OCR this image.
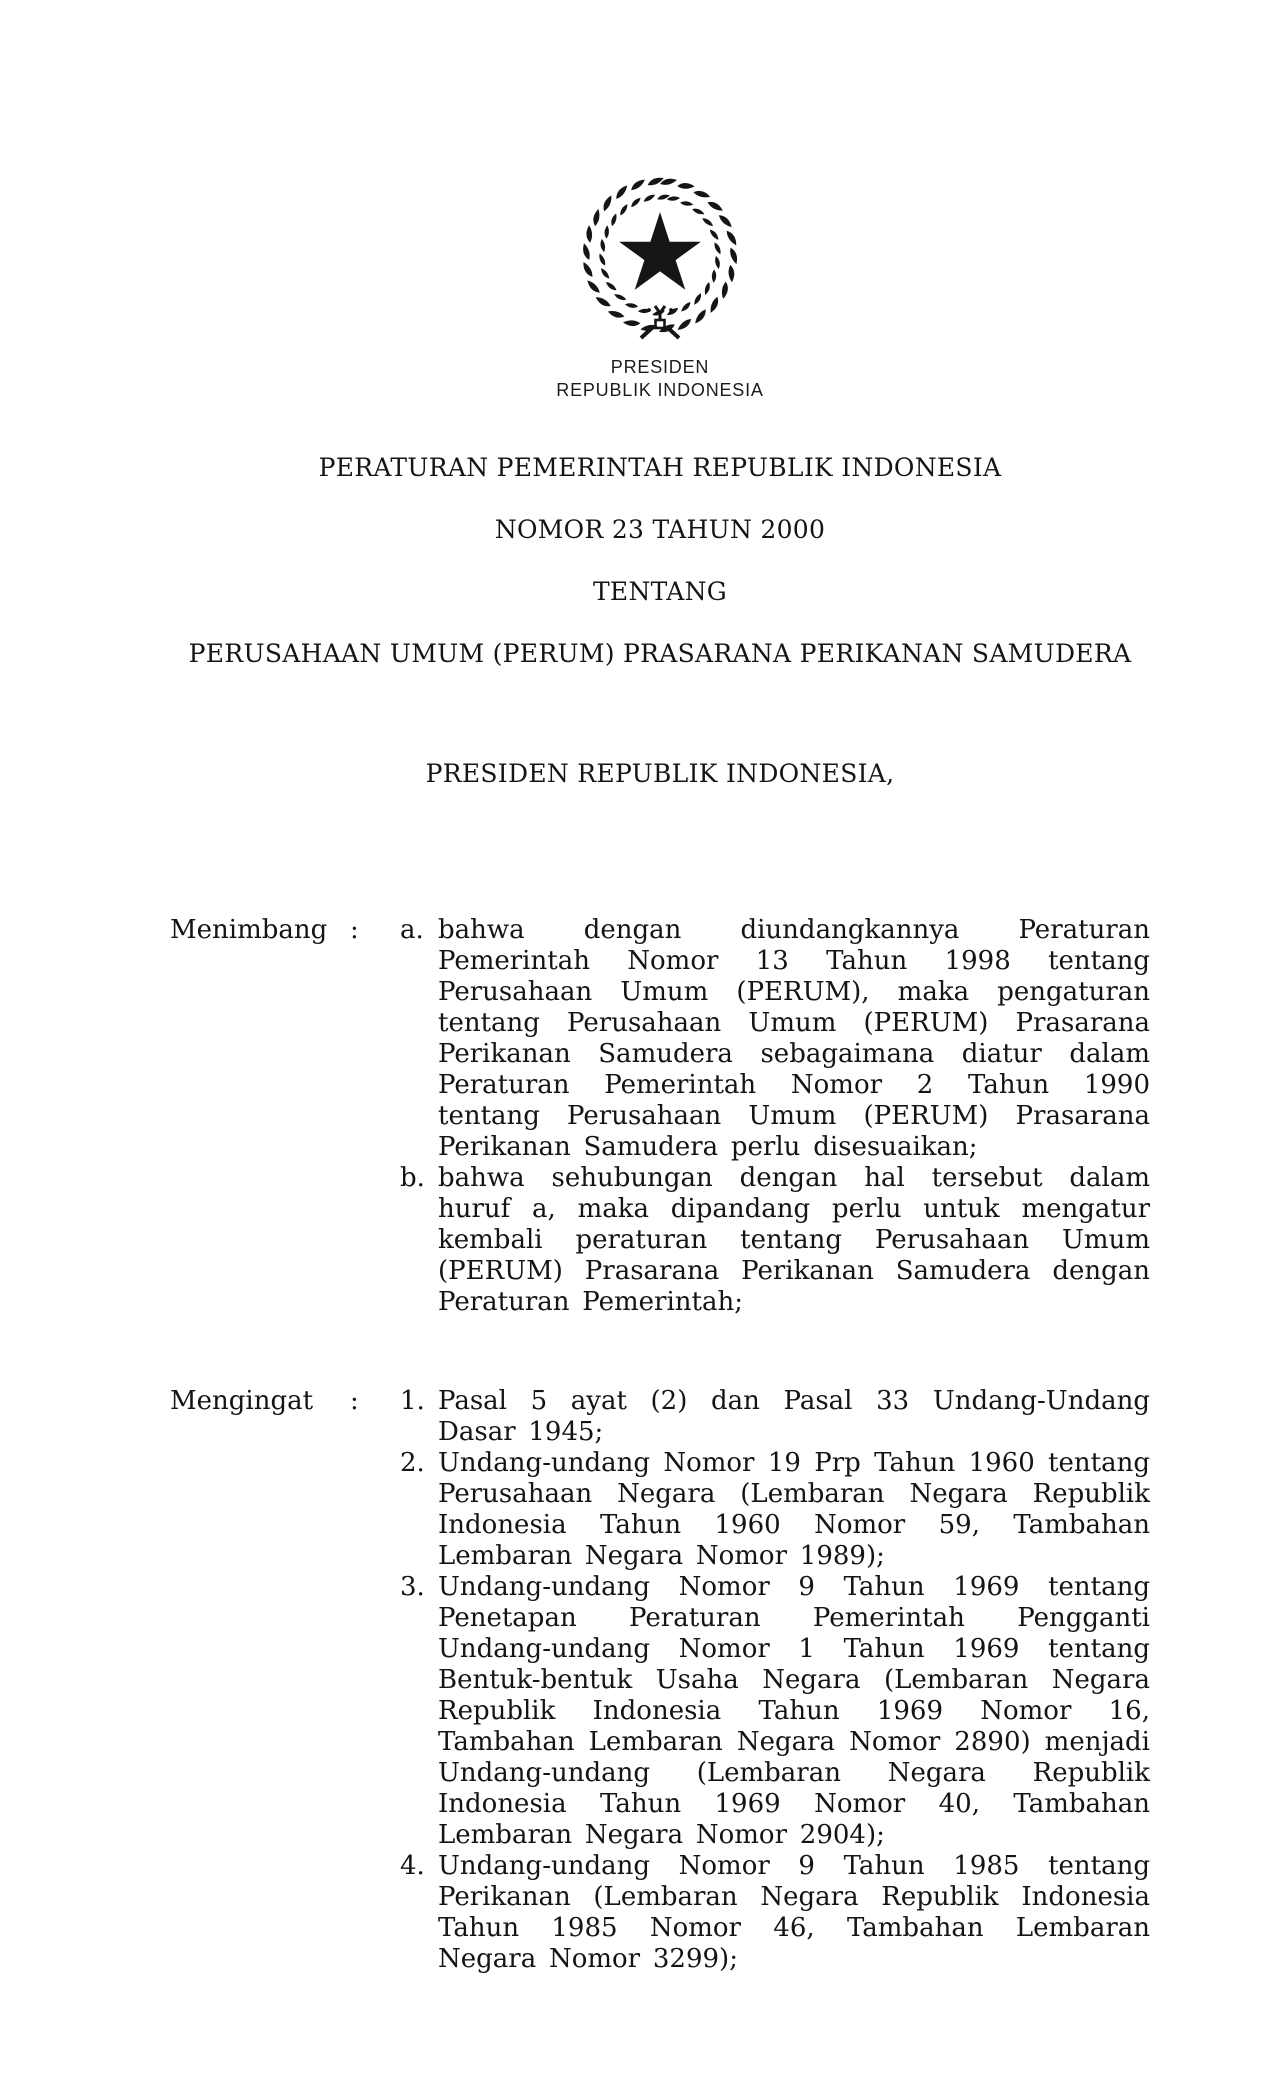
PRESIDEN
REPUBLIK INDONESIA
PERATURAN PEMERINTAH REPUBLIK INDONESIA
NOMOR 23 TAHUN 2000
TENTANG
PERUSAHAAN UMUM (PERUM) PRASARANA PERIKANAN SAMUDERA
PRESIDEN REPUBLIK INDONESIA,
Menimbang :	a. bahwa dengan diundangkannya Peraturan Pemerintah Nomor 13 Tahun 1998 tentang Perusahaan Umum (PERUM), maka pengaturan tentang Perusahaan Umum (PERUM) Prasarana Perikanan Samudera sebagaimana diatur dalam Peraturan Pemerintah Nomor 2 Tahun 1990 tentang Perusahaan Umum (PERUM) Prasarana Perikanan Samudera perlu disesuaikan;
b. bahwa sehubungan dengan hal tersebut dalam huruf a, maka dipandang perlu untuk mengatur kembali peraturan tentang Perusahaan Umum (PERUM) Prasarana Perikanan Samudera dengan Peraturan Pemerintah;
Mengingat	:	1. Pasal 5 ayat (2) dan Pasal 33 Undang-Undang Dasar 1945;
2. Undang-undang Nomor 19 Prp Tahun 1960 tentang Perusahaan Negara (Lembaran Negara Republik Indonesia Tahun 1960 Nomor 59, Tambahan Lembaran Negara Nomor 1989);
3. Undang-undang Nomor 9 Tahun 1969 tentang Penetapan Peraturan Pemerintah Pengganti Undang-undang Nomor 1 Tahun 1969 tentang Bentuk-bentuk Usaha Negara (Lembaran Negara Republik Indonesia Tahun 1969 Nomor 16, Tambahan Lembaran Negara Nomor 2890) menjadi Undang-undang (Lembaran Negara Republik Indonesia Tahun 1969 Nomor 40, Tambahan Lembaran Negara Nomor 2904);
4. Undang-undang Nomor 9 Tahun 1985 tentang Perikanan (Lembaran Negara Republik Indonesia Tahun 1985 Nomor 46, Tambahan Lembaran Negara Nomor 3299);
